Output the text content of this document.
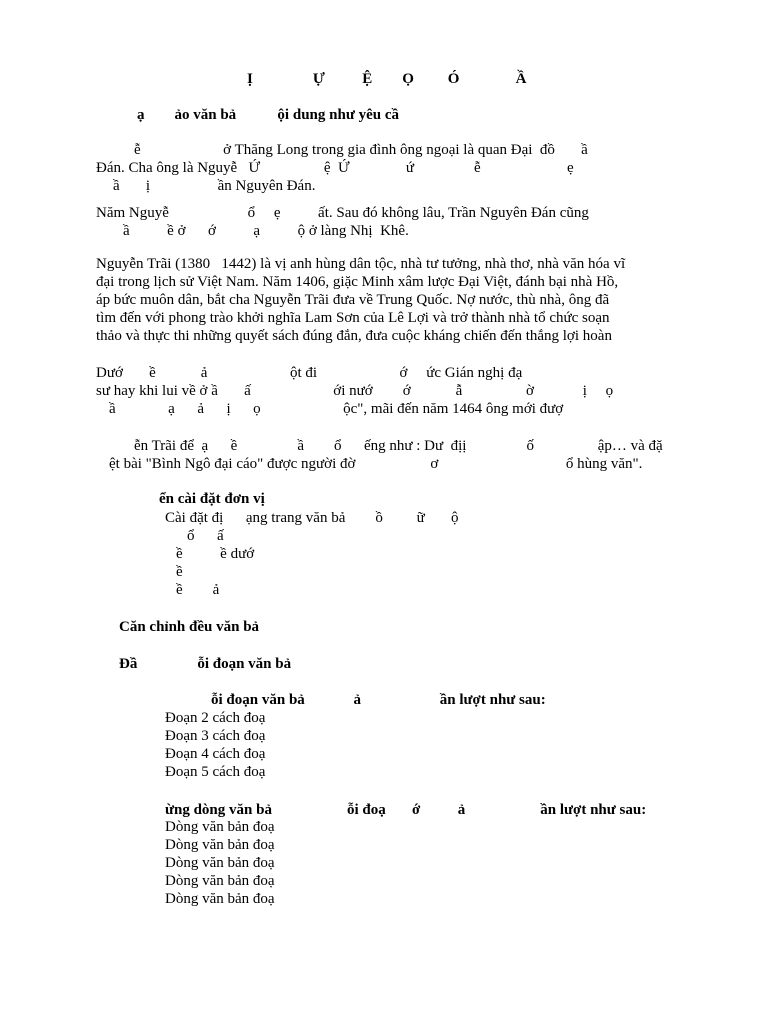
Ị                Ự          Ệ        Ọ         Ó               Ầ
ạ        ảo văn bả           ội dung như yêu cầ
ễ                      ở Thăng Long trong gia đình ông ngoại là quan Đại  đồ       ầ
Đán. Cha ông là Nguyễ   Ứ                 ệ  Ứ               ứ                ễ                       ẹ
ầ       ị                  ần Nguyên Đán.
Năm Nguyễ                     ổ     ẹ          ất. Sau đó không lâu, Trần Nguyên Đán cũng
ầ          ề ở      ớ          ạ          ộ ở làng Nhị  Khê.
Nguyễn Trãi (1380   1442) là vị anh hùng dân tộc, nhà tư tưởng, nhà thơ, nhà văn hóa vĩ
đại trong lịch sử Việt Nam. Năm 1406, giặc Minh xâm lược Đại Việt, đánh bại nhà Hồ,
áp bức muôn dân, bắt cha Nguyễn Trãi đưa về Trung Quốc. Nợ nước, thù nhà, ông đã
tìm đến với phong trào khởi nghĩa Lam Sơn của Lê Lợi và trở thành nhà tổ chức soạn
thảo và thực thi những quyết sách đúng đắn, đưa cuộc kháng chiến đến thắng lợi hoàn
Dướ       ề            ả                      ột đi                      ớ     ức Gián nghị đạ
sư hay khi lui về ở ầ       ấ                      ới nướ        ớ            ẫ                 ờ             ị     ọ
ầ              ạ      ả      ị      ọ                      ộc", mãi đến năm 1464 ông mới đượ
ễn Trãi để  ạ      ề                ầ        ổ      ếng như : Dư  địị                ố                 ập… và đặ
ệt bài "Bình Ngô đại cáo" được người đờ                    ơ                                  ổ hùng văn".
ển cài đặt đơn vị
Cài đặt đị      ạng trang văn bả        ồ         ữ       ộ
ổ      ấ
ề          ề dướ
ề
ề        ả
Căn chỉnh đều văn bả
Đầ                ỗi đoạn văn bả
ỗi đoạn văn bả             ả                     ần lượt như sau:
Đoạn 2 cách đoạ
Đoạn 3 cách đoạ
Đoạn 4 cách đoạ
Đoạn 5 cách đoạ
ừng dòng văn bả                    ỗi đoạ       ớ          ả                    ần lượt như sau:
Dòng văn bản đoạ
Dòng văn bản đoạ
Dòng văn bản đoạ
Dòng văn bản đoạ
Dòng văn bản đoạ
